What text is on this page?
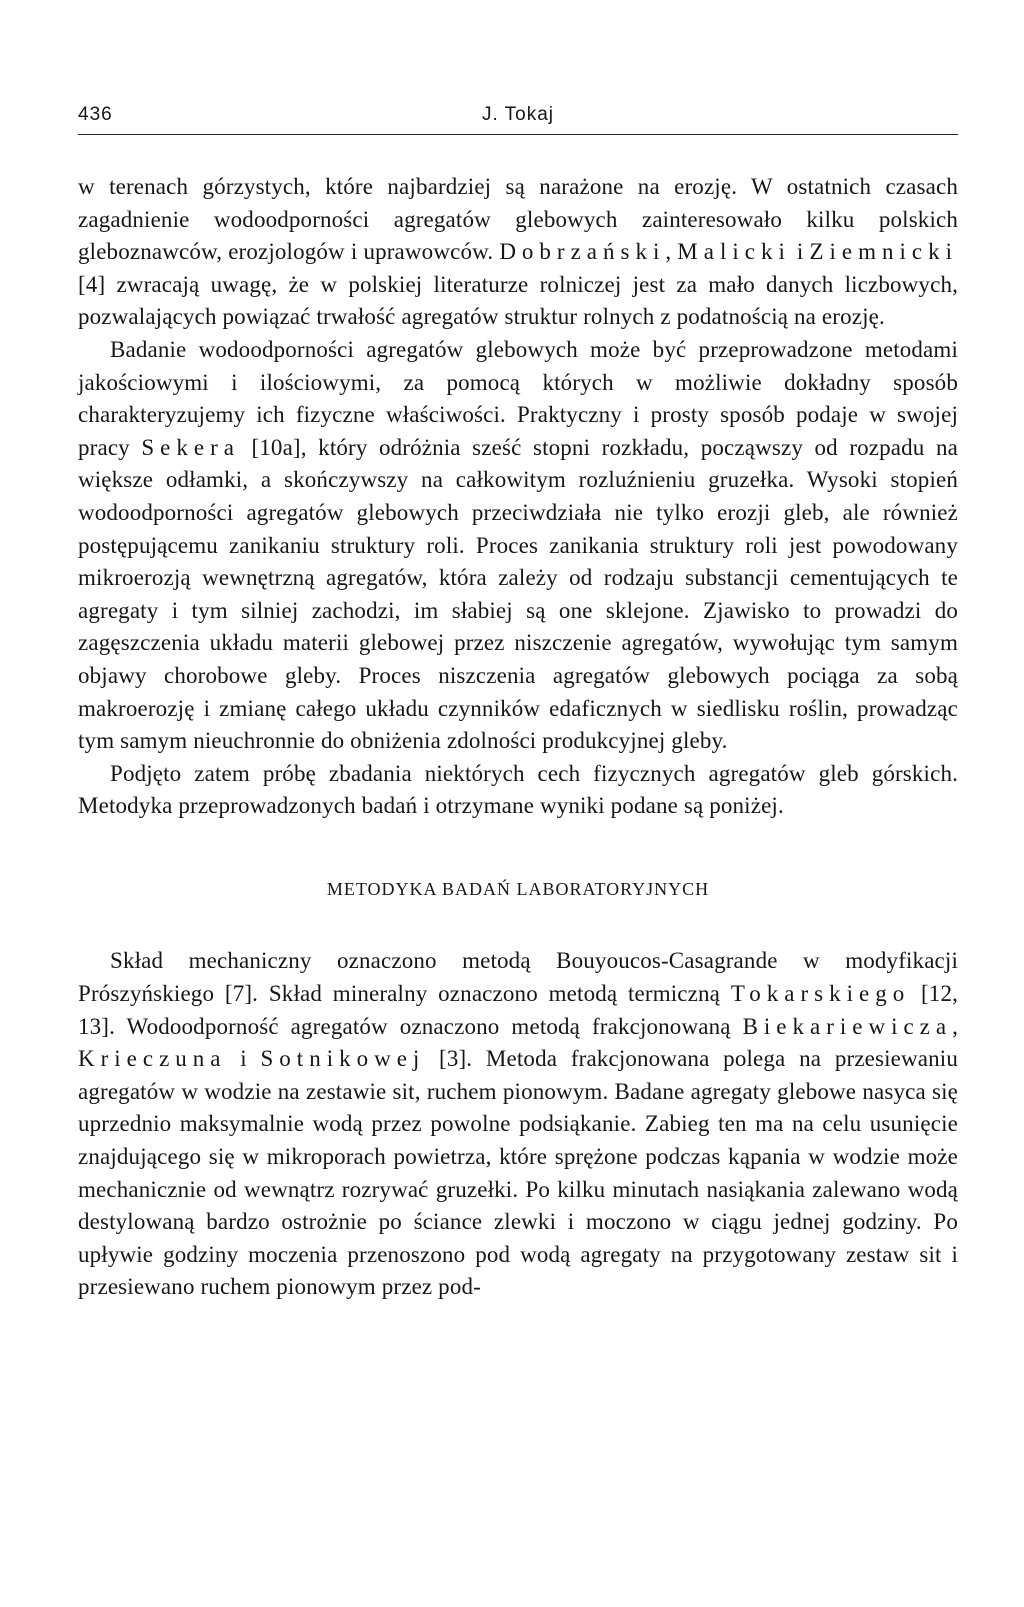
436	J. Tokaj

w terenach górzystych, które najbardziej są narażone na erozję. W ostatnich czasach zagadnienie wodoodporności agregatów glebowych zainteresowało kilku polskich gleboznawców, erozjologów i uprawowców. Dobrzański, Malicki i Ziemnicki [4] zwracają uwagę, że w polskiej literaturze rolniczej jest za mało danych liczbowych, pozwalających powiązać trwałość agregatów struktur rolnych z podatnością na erozję.

Badanie wodoodporności agregatów glebowych może być przeprowadzone metodami jakościowymi i ilościowymi, za pomocą których w możliwie dokładny sposób charakteryzujemy ich fizyczne właściwości. Praktyczny i prosty sposób podaje w swojej pracy Sekera [10a], który odróżnia sześć stopni rozkładu, począwszy od rozpadu na większe odłamki, a skończywszy na całkowitym rozluźnieniu gruzełka. Wysoki stopień wodoodporności agregatów glebowych przeciwdziała nie tylko erozji gleb, ale również postępującemu zanikaniu struktury roli. Proces zanikania struktury roli jest powodowany mikroerozją wewnętrzną agregatów, która zależy od rodzaju substancji cementujących te agregaty i tym silniej zachodzi, im słabiej są one sklejone. Zjawisko to prowadzi do zagęszczenia układu materii glebowej przez niszczenie agregatów, wywołując tym samym objawy chorobowe gleby. Proces niszczenia agregatów glebowych pociąga za sobą makroerozję i zmianę całego układu czynników edaficznych w siedlisku roślin, prowadząc tym samym nieuchronnie do obniżenia zdolności produkcyjnej gleby.

Podjęto zatem próbę zbadania niektórych cech fizycznych agregatów gleb górskich. Metodyka przeprowadzonych badań i otrzymane wyniki podane są poniżej.

METODYKA BADAŃ LABORATORYJNYCH

Skład mechaniczny oznaczono metodą Bouyoucos-Casagrande w modyfikacji Prószyńskiego [7]. Skład mineralny oznaczono metodą termiczną Tokarskiego [12, 13]. Wodoodporność agregatów oznaczono metodą frakcjonowaną Biekariewicza, Krieczuna i Sotnikowej [3]. Metoda frakcjonowana polega na przesiewaniu agregatów w wodzie na zestawie sit, ruchem pionowym. Badane agregaty glebowe nasyca się uprzednio maksymalnie wodą przez powolne podsiąkanie. Zabieg ten ma na celu usunięcie znajdującego się w mikroporach powietrza, które sprężone podczas kąpania w wodzie może mechanicznie od wewnątrz rozrywać gruzełki. Po kilku minutach nasiąkania zalewano wodą destylowaną bardzo ostrożnie po ściance zlewki i moczono w ciągu jednej godziny. Po upływie godziny moczenia przenoszono pod wodą agregaty na przygotowany zestaw sit i przesiewano ruchem pionowym przez pod-
